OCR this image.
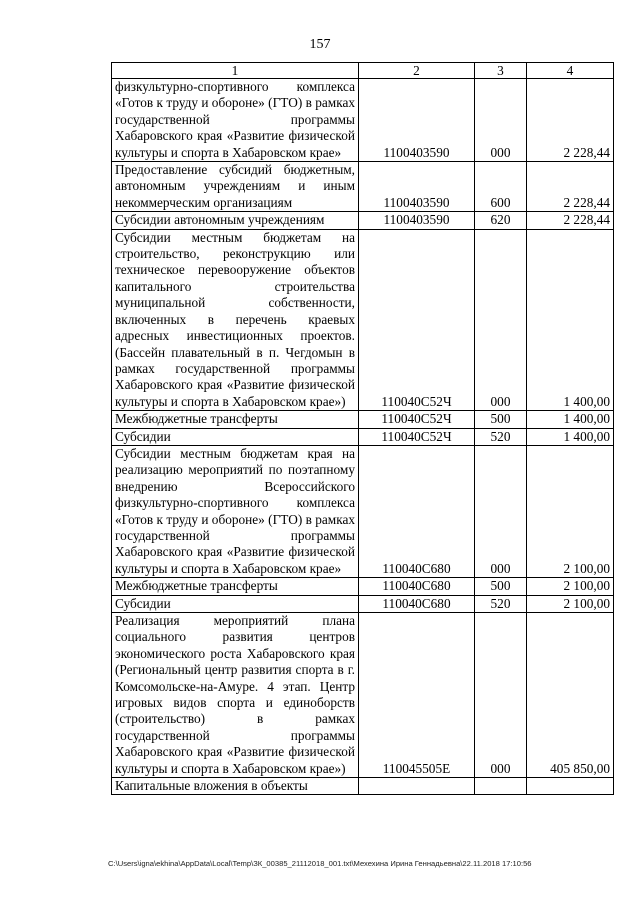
157
1	2	3	4
физкультурно-спортивного комплекса «Готов к труду и обороне» (ГТО) в рамках государственной программы Хабаровского края «Развитие физической культуры и спорта в Хабаровском крае»	1100403590	000	2 228,44
Предоставление субсидий бюджетным, автономным учреждениям и иным некоммерческим организациям	1100403590	600	2 228,44
Субсидии автономным учреждениям	1100403590	620	2 228,44
Субсидии местным бюджетам на строительство, реконструкцию или техническое перевооружение объектов капитального строительства муниципальной собственности, включенных в перечень краевых адресных инвестиционных проектов. (Бассейн плавательный в п. Чегдомын в рамках государственной программы Хабаровского края «Развитие физической культуры и спорта в Хабаровском крае»)	110040С52Ч	000	1 400,00
Межбюджетные трансферты	110040С52Ч	500	1 400,00
Субсидии	110040С52Ч	520	1 400,00
Субсидии местным бюджетам края на реализацию мероприятий по поэтапному внедрению Всероссийского физкультурно-спортивного комплекса «Готов к труду и обороне» (ГТО) в рамках государственной программы Хабаровского края «Развитие физической культуры и спорта в Хабаровском крае»	110040С680	000	2 100,00
Межбюджетные трансферты	110040С680	500	2 100,00
Субсидии	110040С680	520	2 100,00
Реализация мероприятий плана социального развития центров экономического роста Хабаровского края (Региональный центр развития спорта в г. Комсомольске-на-Амуре. 4 этап. Центр игровых видов спорта и единоборств (строительство) в рамках государственной программы Хабаровского края «Развитие физической культуры и спорта в Хабаровском крае»)	110045505Е	000	405 850,00
Капитальные вложения в объекты			
C:\Users\igna\ekhina\AppData\Local\Temp\ЗК_00385_21112018_001.txt\Мехехина Ирина Геннадьевна\22.11.2018 17:10:56
